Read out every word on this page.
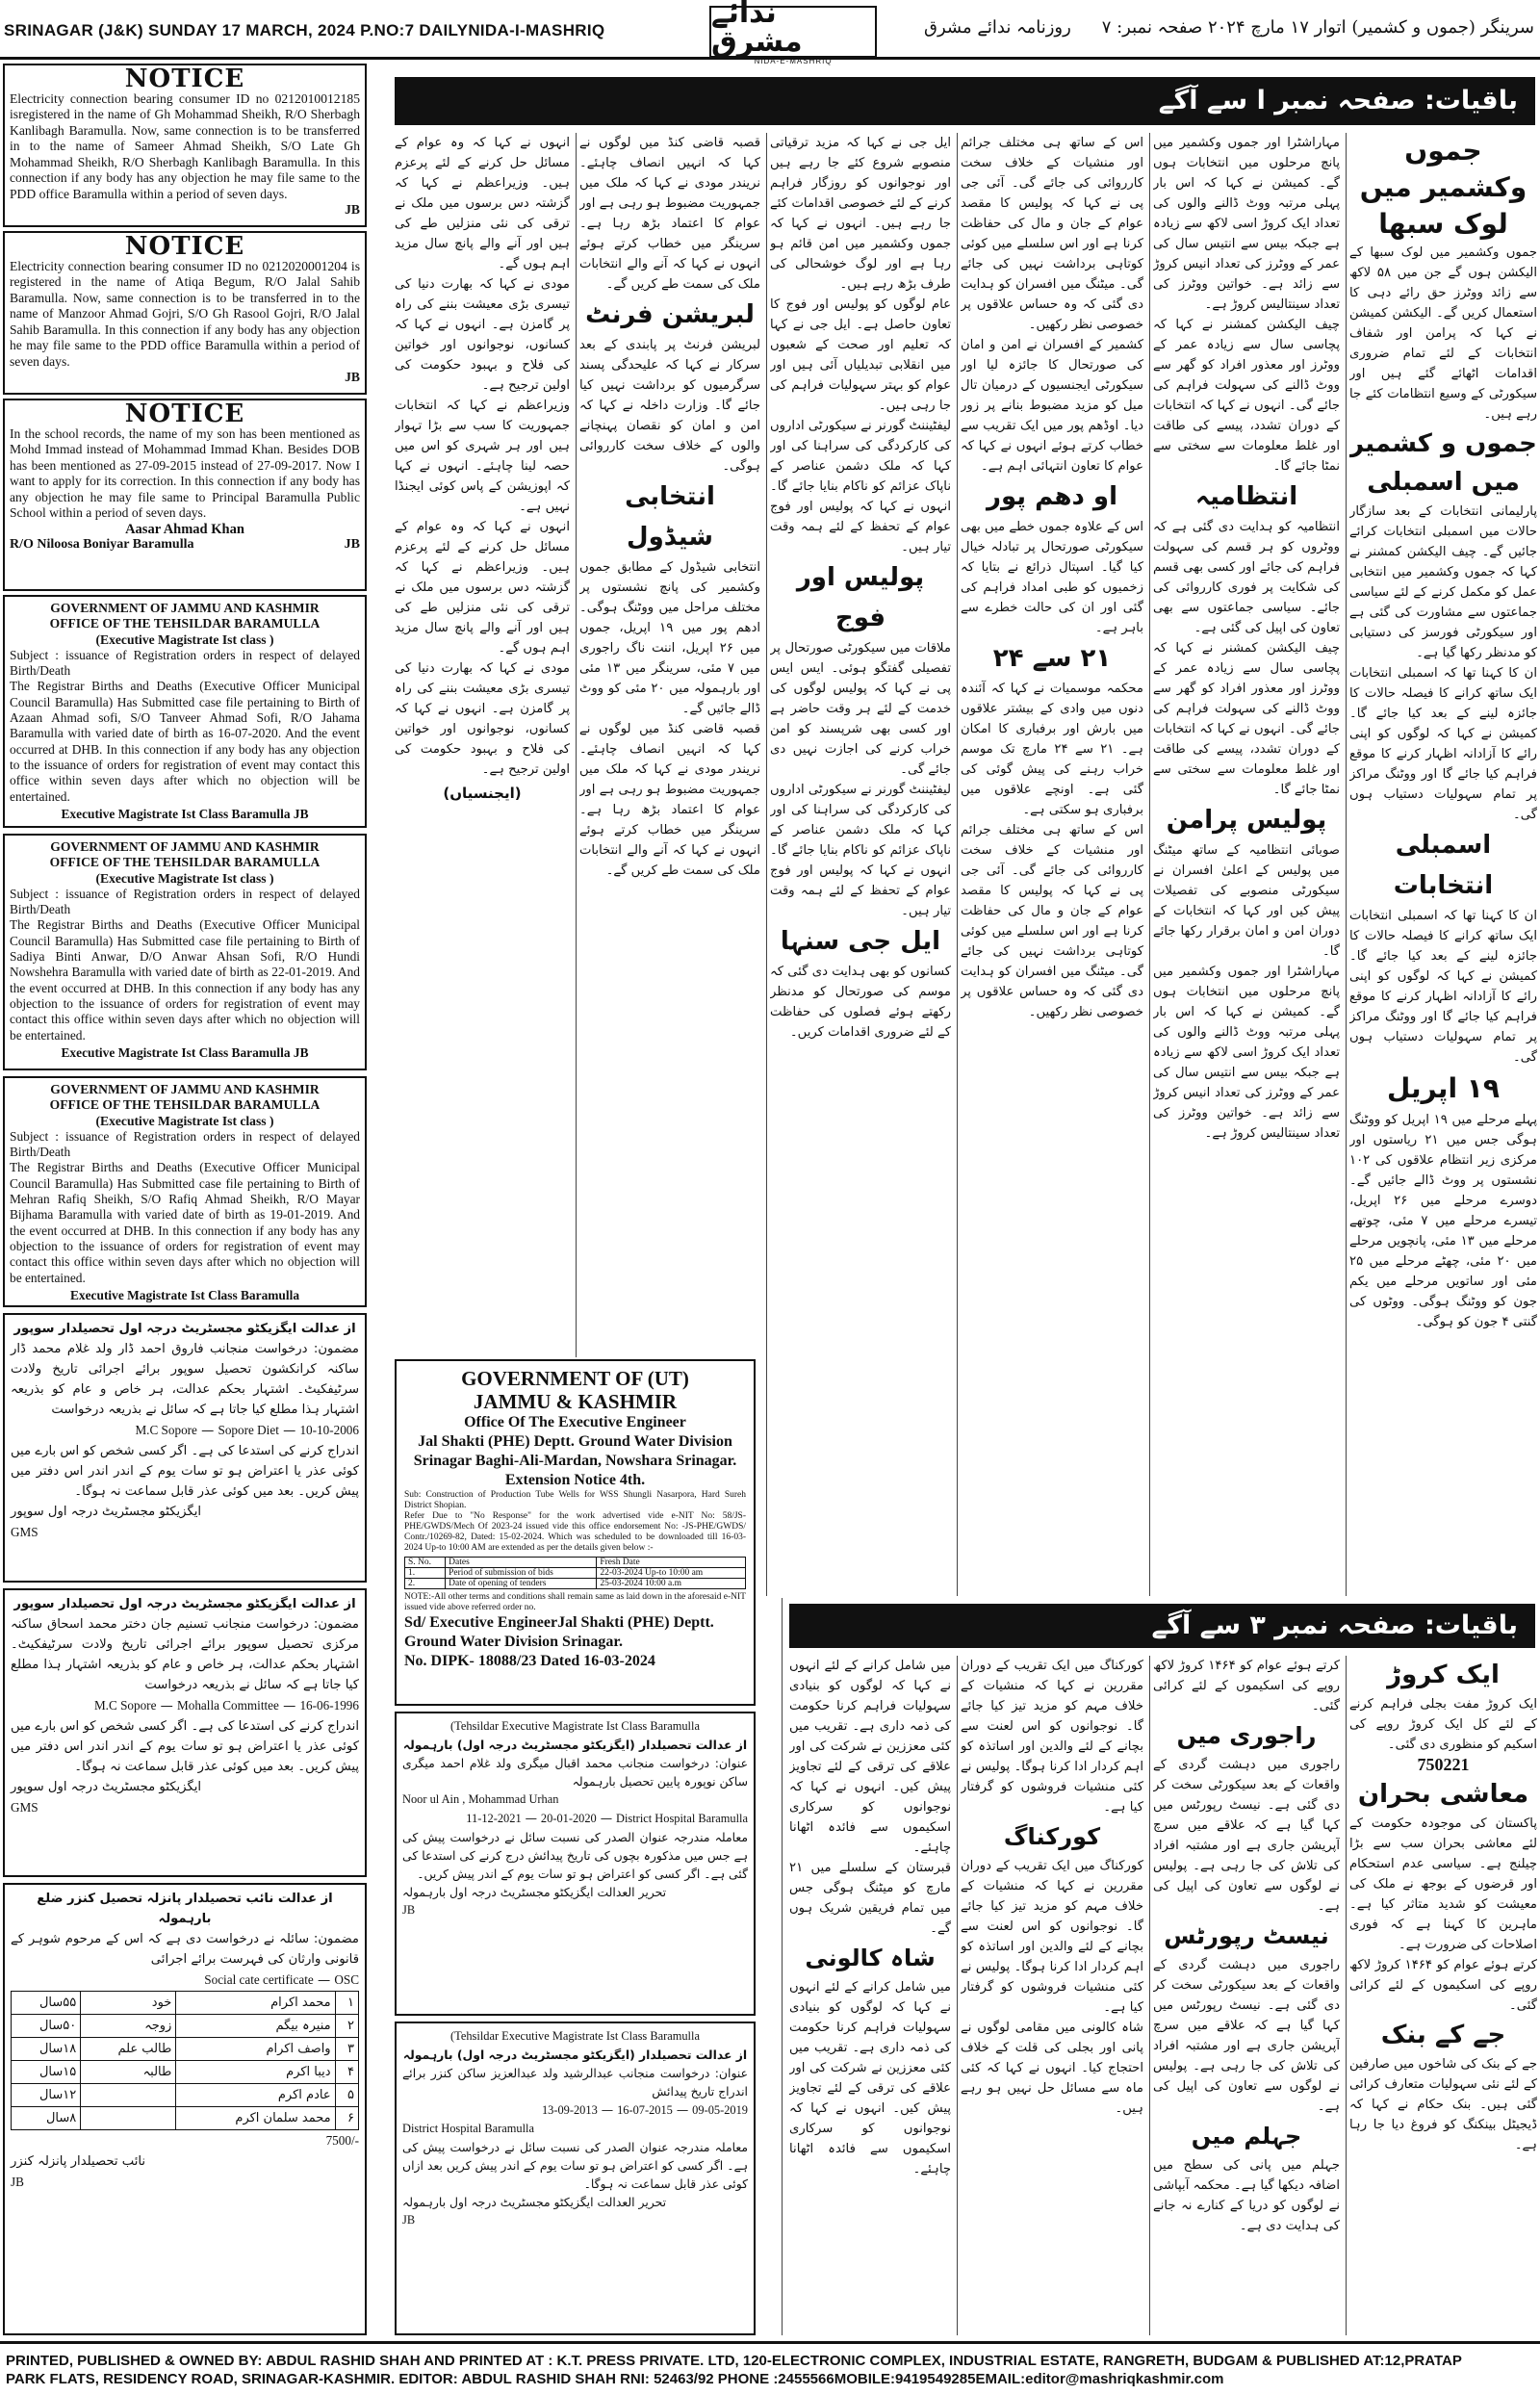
SRINAGAR (J&K) SUNDAY 17 MARCH, 2024 P.NO:7 DAILYNIDA-I-MASHRIQ
ندائے مشرق
NIDA-E-MASHRIQ
روزنامہ ندائے مشرق سرینگر (جموں و کشمیر) اتوار ۱۷ مارچ ۲۰۲۴ صفحہ نمبر: ۷
NOTICE

Electricity connection bearing consumer ID no 0212010012185 isregistered in the name of Gh Mohammad Sheikh, R/O Sherbagh Kanlibagh Baramulla. Now, same connection is to be transferred in to the name of Sameer Ahmad Sheikh, S/O Late Gh Mohammad Sheikh, R/O Sherbagh Kanlibagh Baramulla. In this connection if any body has any objection he may file same to the PDD office Baramulla within a period of seven days.

JB
NOTICE

Electricity connection bearing consumer ID no 0212020001204 is registered in the name of Atiqa Begum, R/O Jalal Sahib Baramulla. Now, same connection is to be transferred in to the name of Manzoor Ahmad Gojri, S/O Gh Rasool Gojri, R/O Jalal Sahib Baramulla. In this connection if any body has any objection he may file same to the PDD office Baramulla within a period of seven days.

JB
NOTICE

In the school records, the name of my son has been mentioned as Mohd Immad instead of Mohammad Immad Khan. Besides DOB has been mentioned as 27-09-2015 instead of 27-09-2017. Now I want to apply for its correction. In this connection if any body has any objection he may file same to Principal Baramulla Public School within a period of seven days.

Aasar Ahmad Khan
R/O Niloosa Boniyar Baramulla	JB
GOVERNMENT OF JAMMU AND KASHMIR
OFFICE OF THE TEHSILDAR BARAMULLA
(Executive Magistrate Ist class )

Subject : issuance of Registration orders in respect of delayed Birth/Death
The Registrar Births and Deaths (Executive Officer Municipal Council Baramulla) Has Submitted case file pertaining to Birth of Azaan Ahmad sofi, S/O Tanveer Ahmad Sofi, R/O Jahama Baramulla with varied date of birth as 16-07-2020. And the event occurred at DHB. In this connection if any body has any objection to the issuance of orders for registration of event may contact this office within seven days after which no objection will be entertained.

Executive Magistrate Ist Class Baramulla JB
GOVERNMENT OF JAMMU AND KASHMIR
OFFICE OF THE TEHSILDAR BARAMULLA
(Executive Magistrate Ist class )

Subject : issuance of Registration orders in respect of delayed Birth/Death
The Registrar Births and Deaths (Executive Officer Municipal Council Baramulla) Has Submitted case file pertaining to Birth of Sadiya Binti Anwar, D/O Anwar Ahsan Sofi, R/O Hundi Nowshehra Baramulla with varied date of birth as 22-01-2019. And the event occurred at DHB. In this connection if any body has any objection to the issuance of orders for registration of event may contact this office within seven days after which no objection will be entertained.

Executive Magistrate Ist Class Baramulla JB
GOVERNMENT OF JAMMU AND KASHMIR
OFFICE OF THE TEHSILDAR BARAMULLA
(Executive Magistrate Ist class )

Subject : issuance of Registration orders in respect of delayed Birth/Death
The Registrar Births and Deaths (Executive Officer Municipal Council Baramulla) Has Submitted case file pertaining to Birth of Mehran Rafiq Sheikh, S/O Rafiq Ahmad Sheikh, R/O Mayar Bijhama Baramulla with varied date of birth as 19-01-2019. And the event occurred at DHB. In this connection if any body has any objection to the issuance of orders for registration of event may contact this office within seven days after which no objection will be entertained.

Executive Magistrate Ist Class Baramulla
از عدالت ایگزیکٹو مجسٹریٹ درجہ اول تحصیلدار سوپور
مضمون: درخواست منجانب فاروق احمد ڈار ولد غلام محمد ڈار ساکنہ کرانکشون تحصیل سوپور برائے اجرائی تاریخ ولادت سرٹیفکیٹ۔ اشتہار بحکم عدالت، ہر خاص و عام کو بذریعہ اشتہار ہذا مطلع کیا جاتا ہے کہ سائل نے بذریعہ درخواست
M.C Sopore — Sopore Diet — 10-10-2006
اندراج کرنے کی استدعا کی ہے۔ اگر کسی شخص کو اس بارے میں کوئی عذر یا اعتراض ہو تو سات یوم کے اندر اندر اس دفتر میں پیش کریں۔ بعد میں کوئی عذر قابل سماعت نہ ہوگا۔
ایگزیکٹو مجسٹریٹ درجہ اول سوپور
GMS
از عدالت ایگزیکٹو مجسٹریٹ درجہ اول تحصیلدار سوپور
مضمون: درخواست منجانب تسنیم جان دختر محمد اسحاق ساکنہ مرکزی تحصیل سوپور برائے اجرائی تاریخ ولادت سرٹیفکیٹ۔ اشتہار بحکم عدالت، ہر خاص و عام کو بذریعہ اشتہار ہذا مطلع کیا جاتا ہے کہ سائل نے بذریعہ درخواست
M.C Sopore — Mohalla Committee — 16-06-1996
اندراج کرنے کی استدعا کی ہے۔ اگر کسی شخص کو اس بارے میں کوئی عذر یا اعتراض ہو تو سات یوم کے اندر اندر اس دفتر میں پیش کریں۔ بعد میں کوئی عذر قابل سماعت نہ ہوگا۔
ایگزیکٹو مجسٹریٹ درجہ اول سوپور
GMS
از عدالت نائب تحصیلدار پانزلہ تحصیل کنزر ضلع بارہمولہ
مضمون: سائلہ نے درخواست دی ہے کہ اس کے مرحوم شوہر کے قانونی وارثان کی فہرست برائے اجرائی
Social cate certificate — OSC
۱	محمد اکرام	خود	۵۵سال
۲	منیرہ بیگم	زوجہ	۵۰سال
۳	واصف اکرام	طالب علم	۱۸سال
۴	دیبا اکرم	طالبہ	۱۵سال
۵	عادم اکرم		۱۲سال
۶	محمد سلمان اکرم		۸سال
7500/-
نائب تحصیلدار پانزلہ کنزر
JB
باقیات: صفحہ نمبر ا سے آگے
جموں وکشمیر میں لوک سبھا
جموں وکشمیر میں لوک سبھا کے الیکشن ہوں گے جن میں ۵۸ لاکھ سے زائد ووٹرز حق رائے دہی کا استعمال کریں گے۔ الیکشن کمیشن نے کہا کہ پرامن اور شفاف انتخابات کے لئے تمام ضروری اقدامات اٹھائے گئے ہیں اور سیکورٹی کے وسیع انتظامات کئے جا رہے ہیں۔
جموں و کشمیر میں اسمبلی
پارلیمانی انتخابات کے بعد سازگار حالات میں اسمبلی انتخابات کرائے جائیں گے۔ چیف الیکشن کمشنر نے کہا کہ جموں وکشمیر میں انتخابی عمل کو مکمل کرنے کے لئے سیاسی جماعتوں سے مشاورت کی گئی ہے اور سیکورٹی فورسز کی دستیابی کو مدنظر رکھا گیا ہے۔
ان کا کہنا تھا کہ اسمبلی انتخابات ایک ساتھ کرانے کا فیصلہ حالات کا جائزہ لینے کے بعد کیا جائے گا۔ کمیشن نے کہا کہ لوگوں کو اپنی رائے کا آزادانہ اظہار کرنے کا موقع فراہم کیا جائے گا اور ووٹنگ مراکز پر تمام سہولیات دستیاب ہوں گی۔
اسمبلی انتخابات
ان کا کہنا تھا کہ اسمبلی انتخابات ایک ساتھ کرانے کا فیصلہ حالات کا جائزہ لینے کے بعد کیا جائے گا۔ کمیشن نے کہا کہ لوگوں کو اپنی رائے کا آزادانہ اظہار کرنے کا موقع فراہم کیا جائے گا اور ووٹنگ مراکز پر تمام سہولیات دستیاب ہوں گی۔
۱۹ اپریل
پہلے مرحلے میں ۱۹ اپریل کو ووٹنگ ہوگی جس میں ۲۱ ریاستوں اور مرکزی زیر انتظام علاقوں کی ۱۰۲ نشستوں پر ووٹ ڈالے جائیں گے۔ دوسرے مرحلے میں ۲۶ اپریل، تیسرے مرحلے میں ۷ مئی، چوتھے مرحلے میں ۱۳ مئی، پانچویں مرحلے میں ۲۰ مئی، چھٹے مرحلے میں ۲۵ مئی اور ساتویں مرحلے میں یکم جون کو ووٹنگ ہوگی۔ ووٹوں کی گنتی ۴ جون کو ہوگی۔
مہاراشٹرا اور جموں وکشمیر میں پانچ مرحلوں میں انتخابات ہوں گے۔ کمیشن نے کہا کہ اس بار پہلی مرتبہ ووٹ ڈالنے والوں کی تعداد ایک کروڑ اسی لاکھ سے زیادہ ہے جبکہ بیس سے انتیس سال کی عمر کے ووٹرز کی تعداد انیس کروڑ سے زائد ہے۔ خواتین ووٹرز کی تعداد سینتالیس کروڑ ہے۔
چیف الیکشن کمشنر نے کہا کہ پچاسی سال سے زیادہ عمر کے ووٹرز اور معذور افراد کو گھر سے ووٹ ڈالنے کی سہولت فراہم کی جائے گی۔ انہوں نے کہا کہ انتخابات کے دوران تشدد، پیسے کی طاقت اور غلط معلومات سے سختی سے نمٹا جائے گا۔
انتظامیہ
انتظامیہ کو ہدایت دی گئی ہے کہ ووٹروں کو ہر قسم کی سہولت فراہم کی جائے اور کسی بھی قسم کی شکایت پر فوری کارروائی کی جائے۔ سیاسی جماعتوں سے بھی تعاون کی اپیل کی گئی ہے۔
چیف الیکشن کمشنر نے کہا کہ پچاسی سال سے زیادہ عمر کے ووٹرز اور معذور افراد کو گھر سے ووٹ ڈالنے کی سہولت فراہم کی جائے گی۔ انہوں نے کہا کہ انتخابات کے دوران تشدد، پیسے کی طاقت اور غلط معلومات سے سختی سے نمٹا جائے گا۔
پولیس پرامن
صوبائی انتظامیہ کے ساتھ میٹنگ میں پولیس کے اعلیٰ افسران نے سیکورٹی منصوبے کی تفصیلات پیش کیں اور کہا کہ انتخابات کے دوران امن و امان برقرار رکھا جائے گا۔
مہاراشٹرا اور جموں وکشمیر میں پانچ مرحلوں میں انتخابات ہوں گے۔ کمیشن نے کہا کہ اس بار پہلی مرتبہ ووٹ ڈالنے والوں کی تعداد ایک کروڑ اسی لاکھ سے زیادہ ہے جبکہ بیس سے انتیس سال کی عمر کے ووٹرز کی تعداد انیس کروڑ سے زائد ہے۔ خواتین ووٹرز کی تعداد سینتالیس کروڑ ہے۔
اس کے ساتھ ہی مختلف جرائم اور منشیات کے خلاف سخت کارروائی کی جائے گی۔ آئی جی پی نے کہا کہ پولیس کا مقصد عوام کے جان و مال کی حفاظت کرنا ہے اور اس سلسلے میں کوئی کوتاہی برداشت نہیں کی جائے گی۔ میٹنگ میں افسران کو ہدایت دی گئی کہ وہ حساس علاقوں پر خصوصی نظر رکھیں۔
کشمیر کے افسران نے امن و امان کی صورتحال کا جائزہ لیا اور سیکورٹی ایجنسیوں کے درمیان تال میل کو مزید مضبوط بنانے پر زور دیا۔ اوڈھم پور میں ایک تقریب سے خطاب کرتے ہوئے انہوں نے کہا کہ عوام کا تعاون انتہائی اہم ہے۔
او دھم پور
اس کے علاوہ جموں خطے میں بھی سیکورٹی صورتحال پر تبادلہ خیال کیا گیا۔ اسپتال ذرائع نے بتایا کہ زخمیوں کو طبی امداد فراہم کی گئی اور ان کی حالت خطرے سے باہر ہے۔
۲۱ سے ۲۴
محکمہ موسمیات نے کہا کہ آئندہ دنوں میں وادی کے بیشتر علاقوں میں بارش اور برفباری کا امکان ہے۔ ۲۱ سے ۲۴ مارچ تک موسم خراب رہنے کی پیش گوئی کی گئی ہے۔ اونچے علاقوں میں برفباری ہو سکتی ہے۔
اس کے ساتھ ہی مختلف جرائم اور منشیات کے خلاف سخت کارروائی کی جائے گی۔ آئی جی پی نے کہا کہ پولیس کا مقصد عوام کے جان و مال کی حفاظت کرنا ہے اور اس سلسلے میں کوئی کوتاہی برداشت نہیں کی جائے گی۔ میٹنگ میں افسران کو ہدایت دی گئی کہ وہ حساس علاقوں پر خصوصی نظر رکھیں۔
ایل جی نے کہا کہ مزید ترقیاتی منصوبے شروع کئے جا رہے ہیں اور نوجوانوں کو روزگار فراہم کرنے کے لئے خصوصی اقدامات کئے جا رہے ہیں۔ انہوں نے کہا کہ جموں وکشمیر میں امن قائم ہو رہا ہے اور لوگ خوشحالی کی طرف بڑھ رہے ہیں۔
عام لوگوں کو پولیس اور فوج کا تعاون حاصل ہے۔ ایل جی نے کہا کہ تعلیم اور صحت کے شعبوں میں انقلابی تبدیلیاں آئی ہیں اور عوام کو بہتر سہولیات فراہم کی جا رہی ہیں۔
لیفٹیننٹ گورنر نے سیکورٹی اداروں کی کارکردگی کی سراہنا کی اور کہا کہ ملک دشمن عناصر کے ناپاک عزائم کو ناکام بنایا جائے گا۔ انہوں نے کہا کہ پولیس اور فوج عوام کے تحفظ کے لئے ہمہ وقت تیار ہیں۔
پولیس اور فوج
ملاقات میں سیکورٹی صورتحال پر تفصیلی گفتگو ہوئی۔ ایس ایس پی نے کہا کہ پولیس لوگوں کی خدمت کے لئے ہر وقت حاضر ہے اور کسی بھی شرپسند کو امن خراب کرنے کی اجازت نہیں دی جائے گی۔
لیفٹیننٹ گورنر نے سیکورٹی اداروں کی کارکردگی کی سراہنا کی اور کہا کہ ملک دشمن عناصر کے ناپاک عزائم کو ناکام بنایا جائے گا۔ انہوں نے کہا کہ پولیس اور فوج عوام کے تحفظ کے لئے ہمہ وقت تیار ہیں۔
ایل جی سنہا
کسانوں کو بھی ہدایت دی گئی کہ موسم کی صورتحال کو مدنظر رکھتے ہوئے فصلوں کی حفاظت کے لئے ضروری اقدامات کریں۔
قصبہ قاضی کنڈ میں لوگوں نے کہا کہ انہیں انصاف چاہئے۔ نریندر مودی نے کہا کہ ملک میں جمہوریت مضبوط ہو رہی ہے اور عوام کا اعتماد بڑھ رہا ہے۔ سرینگر میں خطاب کرتے ہوئے انہوں نے کہا کہ آنے والے انتخابات ملک کی سمت طے کریں گے۔
لبریشن فرنٹ
لبریشن فرنٹ پر پابندی کے بعد سرکار نے کہا کہ علیحدگی پسند سرگرمیوں کو برداشت نہیں کیا جائے گا۔ وزارت داخلہ نے کہا کہ امن و امان کو نقصان پہنچانے والوں کے خلاف سخت کارروائی ہوگی۔
انتخابی شیڈول
انتخابی شیڈول کے مطابق جموں وکشمیر کی پانچ نشستوں پر مختلف مراحل میں ووٹنگ ہوگی۔ ادھم پور میں ۱۹ اپریل، جموں میں ۲۶ اپریل، اننت ناگ راجوری میں ۷ مئی، سرینگر میں ۱۳ مئی اور بارہمولہ میں ۲۰ مئی کو ووٹ ڈالے جائیں گے۔
قصبہ قاضی کنڈ میں لوگوں نے کہا کہ انہیں انصاف چاہئے۔ نریندر مودی نے کہا کہ ملک میں جمہوریت مضبوط ہو رہی ہے اور عوام کا اعتماد بڑھ رہا ہے۔ سرینگر میں خطاب کرتے ہوئے انہوں نے کہا کہ آنے والے انتخابات ملک کی سمت طے کریں گے۔
انہوں نے کہا کہ وہ عوام کے مسائل حل کرنے کے لئے پرعزم ہیں۔ وزیراعظم نے کہا کہ گزشتہ دس برسوں میں ملک نے ترقی کی نئی منزلیں طے کی ہیں اور آنے والے پانچ سال مزید اہم ہوں گے۔
مودی نے کہا کہ بھارت دنیا کی تیسری بڑی معیشت بننے کی راہ پر گامزن ہے۔ انہوں نے کہا کہ کسانوں، نوجوانوں اور خواتین کی فلاح و بہبود حکومت کی اولین ترجیح ہے۔
وزیراعظم نے کہا کہ انتخابات جمہوریت کا سب سے بڑا تہوار ہیں اور ہر شہری کو اس میں حصہ لینا چاہئے۔ انہوں نے کہا کہ اپوزیشن کے پاس کوئی ایجنڈا نہیں ہے۔
انہوں نے کہا کہ وہ عوام کے مسائل حل کرنے کے لئے پرعزم ہیں۔ وزیراعظم نے کہا کہ گزشتہ دس برسوں میں ملک نے ترقی کی نئی منزلیں طے کی ہیں اور آنے والے پانچ سال مزید اہم ہوں گے۔
مودی نے کہا کہ بھارت دنیا کی تیسری بڑی معیشت بننے کی راہ پر گامزن ہے۔ انہوں نے کہا کہ کسانوں، نوجوانوں اور خواتین کی فلاح و بہبود حکومت کی اولین ترجیح ہے۔
(ایجنسیاں)
GOVERNMENT OF (UT)
JAMMU & KASHMIR
Office Of The Executive Engineer
Jal Shakti (PHE) Deptt. Ground Water Division
Srinagar Baghi-Ali-Mardan, Nowshara Srinagar.
Extension Notice 4th.
Sub: Construction of Production Tube Wells for WSS Shungli Nasarpora, Hard Sureh District Shopian.
Refer Due to "No Response" for the work advertised vide e-NIT No: 58/JS-PHE/GWDS/Mech Of 2023-24 issued vide this office endorsement No: -JS-PHE/GWDS/ Contr./10269-82, Dated: 15-02-2024. Which was scheduled to be downloaded till 16-03-2024 Up-to 10:00 AM are extended as per the details given below :-
S. No.	Dates	Fresh Date
1.	Period of submission of bids	22-03-2024 Up-to 10:00 am
2.	Date of opening of tenders	25-03-2024 10:00 a.m
NOTE:-All other terms and conditions shall remain same as laid down in the aforesaid e-NIT issued vide above referred order no.
Sd/ Executive EngineerJal Shakti (PHE) Deptt.
Ground Water Division Srinagar.
No. DIPK- 18088/23 Dated 16-03-2024
(Tehsildar Executive Magistrate Ist Class Baramulla
از عدالت تحصیلدار (ایگزیکٹو مجسٹریٹ درجہ اول) بارہمولہ
عنوان: درخواست منجانب محمد اقبال میگری ولد غلام احمد میگری ساکن نوپورہ پایین تحصیل بارہمولہ
Noor ul Ain , Mohammad Urhan
11-12-2021 — 20-01-2020 — District Hospital Baramulla
معاملہ مندرجہ عنوان الصدر کی نسبت سائل نے درخواست پیش کی ہے جس میں مذکورہ بچوں کی تاریخ پیدائش درج کرنے کی استدعا کی گئی ہے۔ اگر کسی کو اعتراض ہو تو سات یوم کے اندر پیش کریں۔
تحریر العدالت ایگزیکٹو مجسٹریٹ درجہ اول بارہمولہ
JB
(Tehsildar Executive Magistrate Ist Class Baramulla
از عدالت تحصیلدار (ایگزیکٹو مجسٹریٹ درجہ اول) بارہمولہ
عنوان: درخواست منجانب عبدالرشید ولد عبدالعزیز ساکن کنزر برائے اندراج تاریخ پیدائش
13-09-2013 — 16-07-2015 — 09-05-2019
District Hospital Baramulla
معاملہ مندرجہ عنوان الصدر کی نسبت سائل نے درخواست پیش کی ہے۔ اگر کسی کو اعتراض ہو تو سات یوم کے اندر پیش کریں بعد ازاں کوئی عذر قابل سماعت نہ ہوگا۔
تحریر العدالت ایگزیکٹو مجسٹریٹ درجہ اول بارہمولہ
JB
باقیات: صفحہ نمبر ۳ سے آگے
ایک کروڑ
ایک کروڑ مفت بجلی فراہم کرنے کے لئے کل ایک کروڑ روپے کی اسکیم کو منظوری دی گئی۔
750221
معاشی بحران
پاکستان کی موجودہ حکومت کے لئے معاشی بحران سب سے بڑا چیلنج ہے۔ سیاسی عدم استحکام اور قرضوں کے بوجھ نے ملک کی معیشت کو شدید متاثر کیا ہے۔ ماہرین کا کہنا ہے کہ فوری اصلاحات کی ضرورت ہے۔
کرتے ہوئے عوام کو ۱۴۶۴ کروڑ لاکھ روپے کی اسکیموں کے لئے کرائی گئی۔
جے کے بنک
جے کے بنک کی شاخوں میں صارفین کے لئے نئی سہولیات متعارف کرائی گئی ہیں۔ بنک حکام نے کہا کہ ڈیجیٹل بینکنگ کو فروغ دیا جا رہا ہے۔
کرتے ہوئے عوام کو ۱۴۶۴ کروڑ لاکھ روپے کی اسکیموں کے لئے کرائی گئی۔
راجوری میں
راجوری میں دہشت گردی کے واقعات کے بعد سیکورٹی سخت کر دی گئی ہے۔ نیسٹ رپورٹس میں کہا گیا ہے کہ علاقے میں سرچ آپریشن جاری ہے اور مشتبہ افراد کی تلاش کی جا رہی ہے۔ پولیس نے لوگوں سے تعاون کی اپیل کی ہے۔
نیسٹ رپورٹس
راجوری میں دہشت گردی کے واقعات کے بعد سیکورٹی سخت کر دی گئی ہے۔ نیسٹ رپورٹس میں کہا گیا ہے کہ علاقے میں سرچ آپریشن جاری ہے اور مشتبہ افراد کی تلاش کی جا رہی ہے۔ پولیس نے لوگوں سے تعاون کی اپیل کی ہے۔
جہلم میں
جہلم میں پانی کی سطح میں اضافہ دیکھا گیا ہے۔ محکمہ آبپاشی نے لوگوں کو دریا کے کنارے نہ جانے کی ہدایت دی ہے۔
کورکناگ میں ایک تقریب کے دوران مقررین نے کہا کہ منشیات کے خلاف مہم کو مزید تیز کیا جائے گا۔ نوجوانوں کو اس لعنت سے بچانے کے لئے والدین اور اساتذہ کو اہم کردار ادا کرنا ہوگا۔ پولیس نے کئی منشیات فروشوں کو گرفتار کیا ہے۔
کورکناگ
کورکناگ میں ایک تقریب کے دوران مقررین نے کہا کہ منشیات کے خلاف مہم کو مزید تیز کیا جائے گا۔ نوجوانوں کو اس لعنت سے بچانے کے لئے والدین اور اساتذہ کو اہم کردار ادا کرنا ہوگا۔ پولیس نے کئی منشیات فروشوں کو گرفتار کیا ہے۔
شاہ کالونی میں مقامی لوگوں نے پانی اور بجلی کی قلت کے خلاف احتجاج کیا۔ انہوں نے کہا کہ کئی ماہ سے مسائل حل نہیں ہو رہے ہیں۔
میں شامل کرانے کے لئے انہوں نے کہا کہ لوگوں کو بنیادی سہولیات فراہم کرنا حکومت کی ذمہ داری ہے۔ تقریب میں کئی معززین نے شرکت کی اور علاقے کی ترقی کے لئے تجاویز پیش کیں۔ انہوں نے کہا کہ نوجوانوں کو سرکاری اسکیموں سے فائدہ اٹھانا چاہئے۔
قبرستان کے سلسلے میں ۲۱ مارچ کو میٹنگ ہوگی جس میں تمام فریقین شریک ہوں گے۔
شاہ کالونی
میں شامل کرانے کے لئے انہوں نے کہا کہ لوگوں کو بنیادی سہولیات فراہم کرنا حکومت کی ذمہ داری ہے۔ تقریب میں کئی معززین نے شرکت کی اور علاقے کی ترقی کے لئے تجاویز پیش کیں۔ انہوں نے کہا کہ نوجوانوں کو سرکاری اسکیموں سے فائدہ اٹھانا چاہئے۔
PRINTED, PUBLISHED & OWNED BY: ABDUL RASHID SHAH AND PRINTED AT : K.T. PRESS PRIVATE. LTD, 120-ELECTRONIC COMPLEX, INDUSTRIAL ESTATE, RANGRETH, BUDGAM & PUBLISHED AT:12,PRATAP
PARK FLATS, RESIDENCY ROAD, SRINAGAR-KASHMIR. EDITOR: ABDUL RASHID SHAH RNI: 52463/92 PHONE :2455566MOBILE:9419549285EMAIL:editor@mashriqkashmir.com
